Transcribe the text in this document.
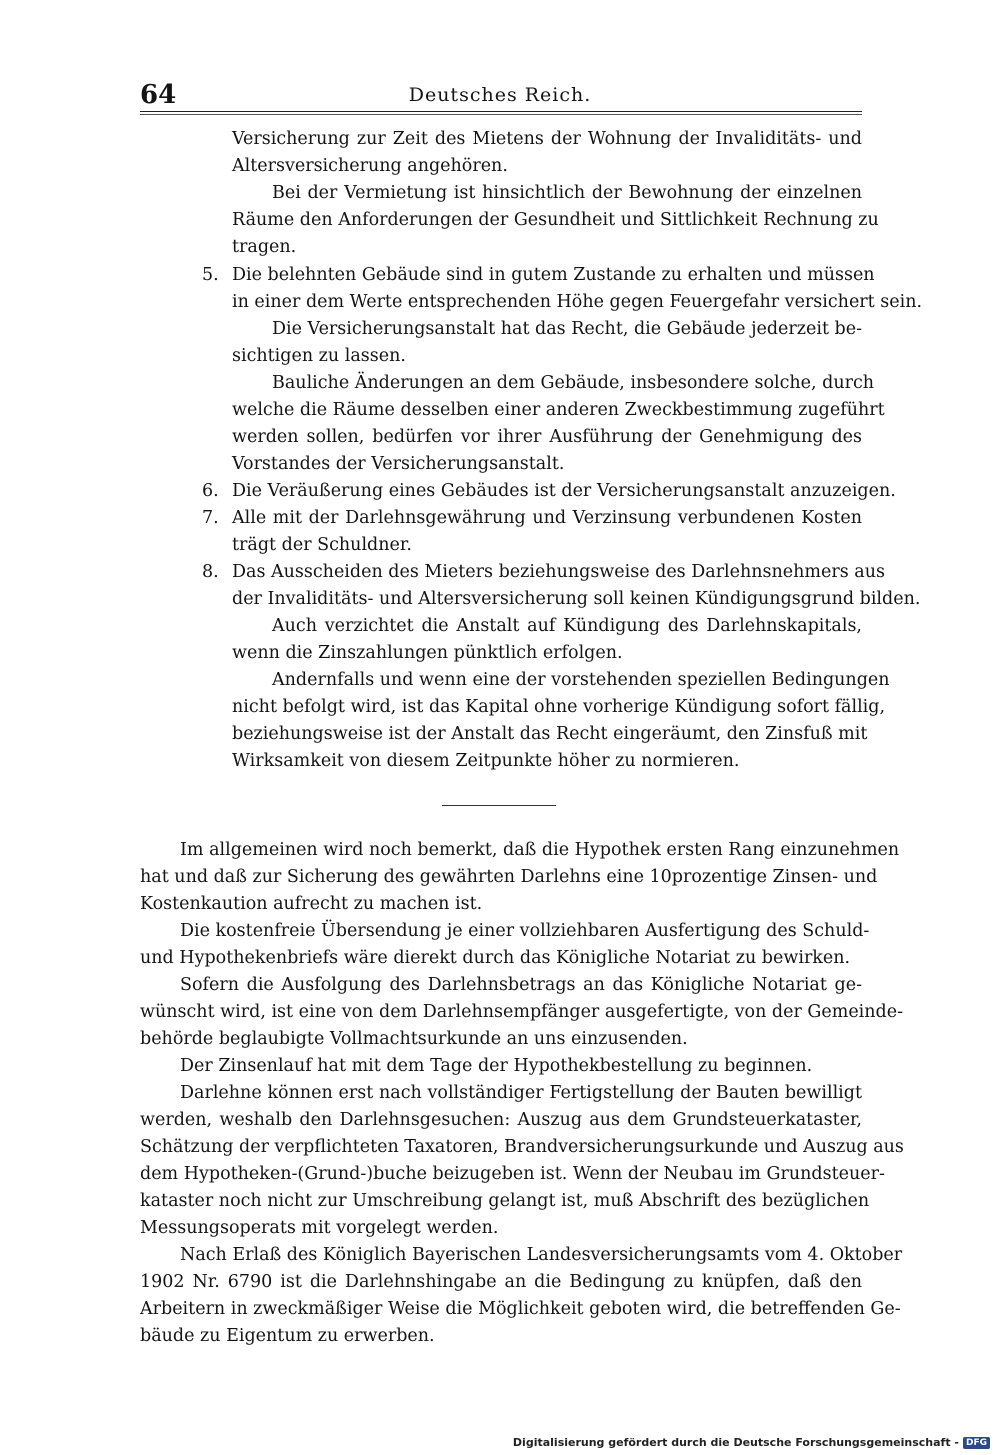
64	Deutsches Reich.
Versicherung zur Zeit des Mietens der Wohnung der Invaliditäts- und
Altersversicherung angehören.
Bei der Vermietung ist hinsichtlich der Bewohnung der einzelnen
Räume den Anforderungen der Gesundheit und Sittlichkeit Rechnung zu
tragen.
5. Die belehnten Gebäude sind in gutem Zustande zu erhalten und müssen
in einer dem Werte entsprechenden Höhe gegen Feuergefahr versichert sein.
Die Versicherungsanstalt hat das Recht, die Gebäude jederzeit be-
sichtigen zu lassen.
Bauliche Änderungen an dem Gebäude, insbesondere solche, durch
welche die Räume desselben einer anderen Zweckbestimmung zugeführt
werden sollen, bedürfen vor ihrer Ausführung der Genehmigung des
Vorstandes der Versicherungsanstalt.
6. Die Veräußerung eines Gebäudes ist der Versicherungsanstalt anzuzeigen.
7. Alle mit der Darlehnsgewährung und Verzinsung verbundenen Kosten
trägt der Schuldner.
8. Das Ausscheiden des Mieters beziehungsweise des Darlehnsnehmers aus
der Invaliditäts- und Altersversicherung soll keinen Kündigungsgrund bilden.
Auch verzichtet die Anstalt auf Kündigung des Darlehnskapitals,
wenn die Zinszahlungen pünktlich erfolgen.
Andernfalls und wenn eine der vorstehenden speziellen Bedingungen
nicht befolgt wird, ist das Kapital ohne vorherige Kündigung sofort fällig,
beziehungsweise ist der Anstalt das Recht eingeräumt, den Zinsfuß mit
Wirksamkeit von diesem Zeitpunkte höher zu normieren.
Im allgemeinen wird noch bemerkt, daß die Hypothek ersten Rang einzunehmen
hat und daß zur Sicherung des gewährten Darlehns eine 10prozentige Zinsen- und
Kostenkaution aufrecht zu machen ist.
Die kostenfreie Übersendung je einer vollziehbaren Ausfertigung des Schuld-
und Hypothekenbriefs wäre dierekt durch das Königliche Notariat zu bewirken.
Sofern die Ausfolgung des Darlehnsbetrags an das Königliche Notariat ge-
wünscht wird, ist eine von dem Darlehnsempfänger ausgefertigte, von der Gemeinde-
behörde beglaubigte Vollmachtsurkunde an uns einzusenden.
Der Zinsenlauf hat mit dem Tage der Hypothekbestellung zu beginnen.
Darlehne können erst nach vollständiger Fertigstellung der Bauten bewilligt
werden, weshalb den Darlehnsgesuchen: Auszug aus dem Grundsteuerkataster,
Schätzung der verpflichteten Taxatoren, Brandversicherungsurkunde und Auszug aus
dem Hypotheken-(Grund-)buche beizugeben ist. Wenn der Neubau im Grundsteuer-
kataster noch nicht zur Umschreibung gelangt ist, muß Abschrift des bezüglichen
Messungsoperats mit vorgelegt werden.
Nach Erlaß des Königlich Bayerischen Landesversicherungsamts vom 4. Oktober
1902 Nr. 6790 ist die Darlehnshingabe an die Bedingung zu knüpfen, daß den
Arbeitern in zweckmäßiger Weise die Möglichkeit geboten wird, die betreffenden Ge-
bäude zu Eigentum zu erwerben.
Digitalisierung gefördert durch die Deutsche Forschungsgemeinschaft - DFG
